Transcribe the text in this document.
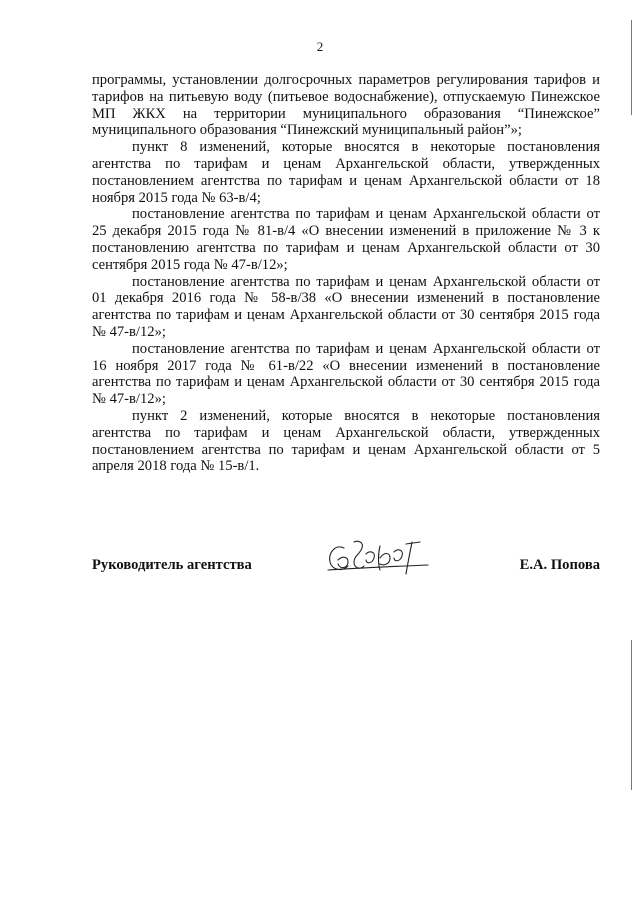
2

программы, установлении долгосрочных параметров регулирования тарифов и тарифов на питьевую воду (питьевое водоснабжение), отпускаемую Пинежское МП ЖКХ на территории муниципального образования “Пинежское” муниципального образования “Пинежский муниципальный район”»;

пункт 8 изменений, которые вносятся в некоторые постановления агентства по тарифам и ценам Архангельской области, утвержденных постановлением агентства по тарифам и ценам Архангельской области от 18 ноября 2015 года № 63-в/4;

постановление агентства по тарифам и ценам Архангельской области от 25 декабря 2015 года № 81-в/4 «О внесении изменений в приложение № 3 к постановлению агентства по тарифам и ценам Архангельской области от 30 сентября 2015 года № 47-в/12»;

постановление агентства по тарифам и ценам Архангельской области от 01 декабря 2016 года № 58-в/38 «О внесении изменений в постановление агентства по тарифам и ценам Архангельской области от 30 сентября 2015 года № 47-в/12»;

постановление агентства по тарифам и ценам Архангельской области от 16 ноября 2017 года № 61-в/22 «О внесении изменений в постановление агентства по тарифам и ценам Архангельской области от 30 сентября 2015 года № 47-в/12»;

пункт 2 изменений, которые вносятся в некоторые постановления агентства по тарифам и ценам Архангельской области, утвержденных постановлением агентства по тарифам и ценам Архангельской области от 5 апреля 2018 года № 15-в/1.

Руководитель агентства	Е.А. Попова
